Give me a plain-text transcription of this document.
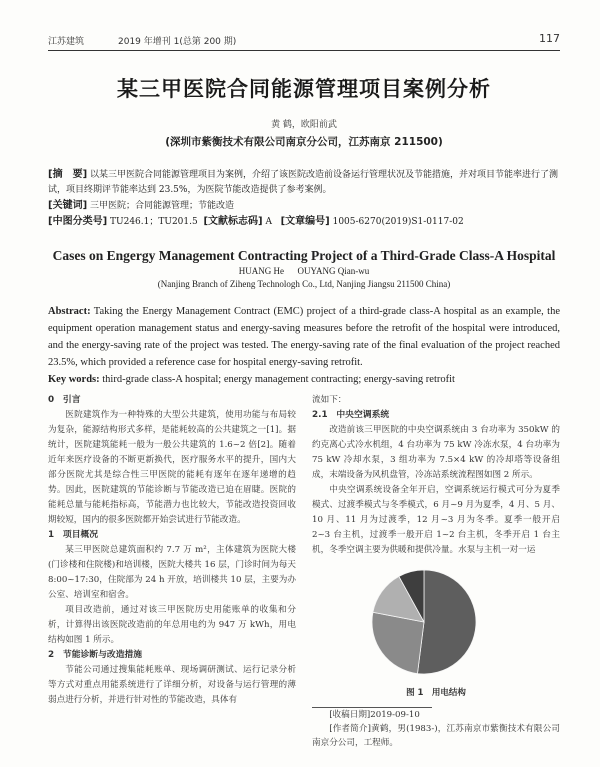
江苏建筑	2019 年增刊 1(总第 200 期)	117
某三甲医院合同能源管理项目案例分析
黄 鹤，欧阳前武
(深圳市紫衡技术有限公司南京分公司，江苏南京 211500)
[摘　要] 以某三甲医院合同能源管理项目为案例，介绍了该医院改造前设备运行管理状况及节能措施，并对项目节能率进行了测试，项目终期评节能率达到 23.5%，为医院节能改造提供了参考案例。
[关键词] 三甲医院；合同能源管理；节能改造
[中图分类号] TU246.1；TU201.5 [文献标志码] A [文章编号] 1005-6270(2019)S1-0117-02
Cases on Engergy Management Contracting Project of a Third-Grade Class-A Hospital
HUANG He      OUYANG Qian-wu
(Nanjing Branch of Ziheng Technologh Co., Ltd, Nanjing Jiangsu 211500 China)
Abstract: Taking the Energy Management Contract (EMC) project of a third-grade class-A hospital as an example, the equipment operation management status and energy-saving measures before the retrofit of the hospital were introduced, and the energy-saving rate of the project was tested. The energy-saving rate of the final evaluation of the project reached 23.5%, which provided a reference case for hospital energy-saving retrofit.
Key words: third-grade class-A hospital; energy management contracting; energy-saving retrofit

0　引言

医院建筑作为一种特殊的大型公共建筑，使用功能与布局较为复杂，能源结构形式多样，是能耗较高的公共建筑之一[1]。据统计，医院建筑能耗一般为一般公共建筑的 1.6~2 倍[2]。随着近年来医疗设备的不断更新换代，医疗服务水平的提升，国内大部分医院尤其是综合性三甲医院的能耗有逐年在逐年递增的趋势。因此，医院建筑的节能诊断与节能改造已迫在眉睫。医院的能耗总量与能耗指标高，节能潜力也比较大，节能改造投资回收期较短，国内的很多医院都开始尝试进行节能改造。

1　项目概况

某三甲医院总建筑面积约 7.7 万 m²，主体建筑为医院大楼(门诊楼和住院楼)和培训楼，医院大楼共 16 层，门诊时间为每天 8:00~17:30，住院部为 24 h 开放，培训楼共 10 层，主要为办公室、培训室和宿舍。

项目改造前，通过对该三甲医院历史用能账单的收集和分析，计算得出该医院改造前的年总用电约为 947 万 kWh，用电结构如图 1 所示。

2　节能诊断与改造措施

节能公司通过搜集能耗账单、现场调研测试、运行记录分析等方式对重点用能系统进行了详细分析，对设备与运行管理的薄弱点进行分析，并进行针对性的节能改造，具体有

流如下：

2.1　中央空调系统

改造前该三甲医院的中央空调系统由 3 台功率为 350kW 的约克离心式冷水机组，4 台功率为 75 kW 冷冻水泵，4 台功率为 75 kW 冷却水泵，3 组功率为 7.5×4 kW 的冷却塔等设备组成，末端设备为风机盘管，冷冻站系统流程图如图 2 所示。

中央空调系统设备全年开启，空调系统运行模式可分为夏季模式、过渡季模式与冬季模式，6 月~9 月为夏季，4 月、5 月、10 月、11 月为过渡季，12 月~3 月为冬季。夏季一般开启 2~3 台主机，过渡季一般开启 1~2 台主机，冬季开启 1 台主机，冬季空调主要为供暖和提供冷量。水泵与主机一对一运

图 1　用电结构

[收稿日期]2019-09-10

[作者简介]黄鹤，男(1983-)，江苏南京市紫衡技术有限公司南京分公司，工程师。
